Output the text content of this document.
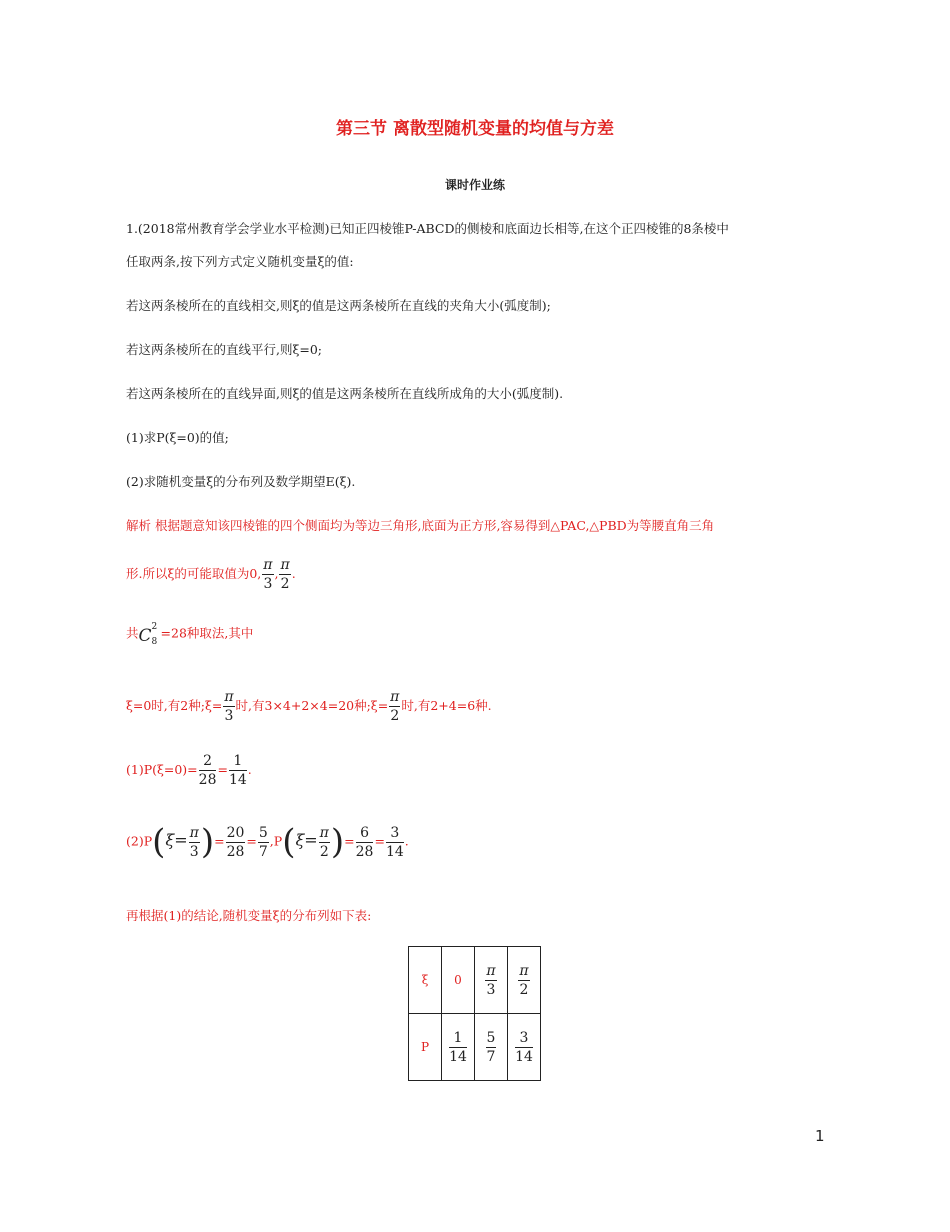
第三节 离散型随机变量的均值与方差
课时作业练
1.(2018常州教育学会学业水平检测)已知正四棱锥P-ABCD的侧棱和底面边长相等,在这个正四棱锥的8条棱中
任取两条,按下列方式定义随机变量ξ的值:
若这两条棱所在的直线相交,则ξ的值是这两条棱所在直线的夹角大小(弧度制);
若这两条棱所在的直线平行,则ξ=0;
若这两条棱所在的直线异面,则ξ的值是这两条棱所在直线所成角的大小(弧度制).
(1)求P(ξ=0)的值;
(2)求随机变量ξ的分布列及数学期望E(ξ).
解析 根据题意知该四棱锥的四个侧面均为等边三角形,底面为正方形,容易得到△PAC,△PBD为等腰直角三角
形.所以ξ的可能取值为0, $\frac{\pi}{3}$ , $\frac{\pi}{2}$ .
共 C 2
8
=28种取法,其中
ξ=0时,有2种;ξ= $\frac{\pi}{3}$ 时,有3×4+2×4=20种;ξ= $\frac{\pi}{2}$ 时,有2+4=6种.
$(1)P(\xi=0)= \frac{2}{28} = \frac{1}{14}$ .
$(2)P(\xi= \frac{\pi}{3}$ )= $\frac{20}{28} = \frac{5}{7} ,P(\xi= \frac{\pi}{2}$ )= $\frac{6}{28} = \frac{3}{14}$ .
再根据(1)的结论,随机变量ξ的分布列如下表:
ξ	0	$\frac{\pi}{3}$	$\frac{\pi}{2}$

P	$\frac{1}{14}$	$\frac{5}{7}$	$\frac{3}{14}$
1
